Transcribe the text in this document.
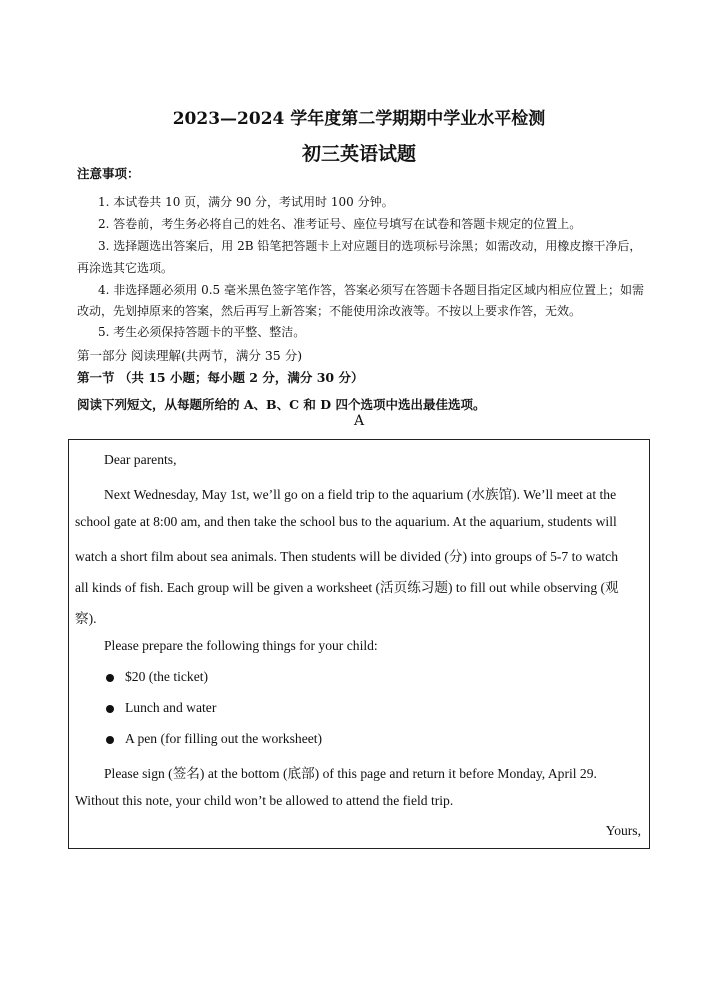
2023—2024 学年度第二学期期中学业水平检测
初三英语试题
注意事项：
1. 本试卷共 10 页，满分 90 分，考试用时 100 分钟。
2. 答卷前，考生务必将自己的姓名、准考证号、座位号填写在试卷和答题卡规定的位置上。
3. 选择题选出答案后，用 2B 铅笔把答题卡上对应题目的选项标号涂黑；如需改动，用橡皮擦干净后，
再涂选其它选项。
4. 非选择题必须用 0.5 毫米黑色签字笔作答，答案必须写在答题卡各题目指定区域内相应位置上；如需
改动，先划掉原来的答案，然后再写上新答案；不能使用涂改液等。不按以上要求作答，无效。
5. 考生必须保持答题卡的平整、整洁。
第一部分 阅读理解(共两节，满分 35 分)
第一节 （共 15 小题；每小题 2 分，满分 30 分）
阅读下列短文，从每题所给的 A、B、C 和 D 四个选项中选出最佳选项。
A
Dear parents,
Next Wednesday, May 1st, we’ll go on a field trip to the aquarium (水族馆). We’ll meet at the
school gate at 8:00 am, and then take the school bus to the aquarium. At the aquarium, students will
watch a short film about sea animals. Then students will be divided (分) into groups of 5-7 to watch
all kinds of fish. Each group will be given a worksheet (活页练习题) to fill out while observing (观
察).
Please prepare the following things for your child:
$20 (the ticket)
Lunch and water
A pen (for filling out the worksheet)
Please sign (签名) at the bottom (底部) of this page and return it before Monday, April 29.
Without this note, your child won’t be allowed to attend the field trip.
Yours,
